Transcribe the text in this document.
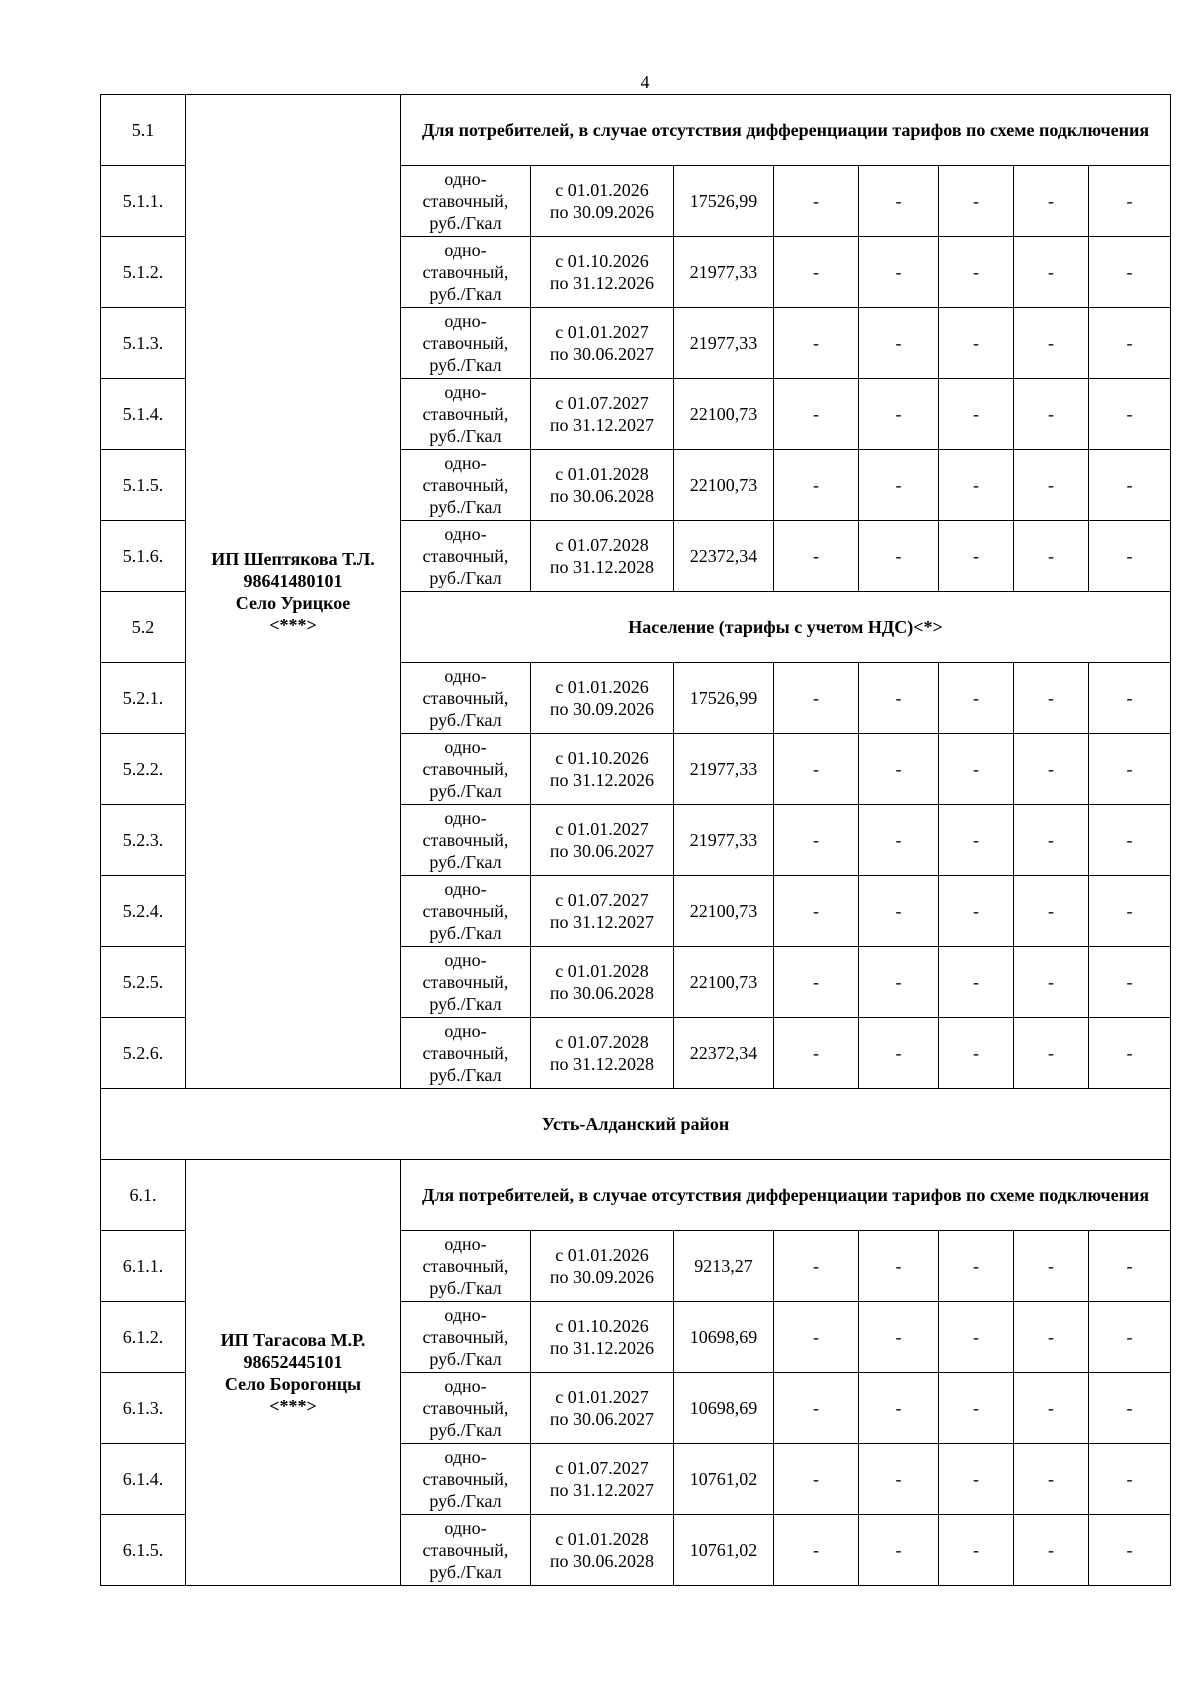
4
5.1	ИП Шептякова Т.Л.
98641480101
Село Урицкое
<***>	Для потребителей, в случае отсутствия дифференциации тарифов по схеме подключения							
5.1.1.		одно-ставочный, руб./Гкал	с 01.01.2026
по 30.09.2026	17526,99	-	-	-	-	-
5.1.2.		одно-ставочный, руб./Гкал	с 01.10.2026
по 31.12.2026	21977,33	-	-	-	-	-
5.1.3.		одно-ставочный, руб./Гкал	с 01.01.2027
по 30.06.2027	21977,33	-	-	-	-	-
5.1.4.		одно-ставочный, руб./Гкал	с 01.07.2027
по 31.12.2027	22100,73	-	-	-	-	-
5.1.5.		одно-ставочный, руб./Гкал	с 01.01.2028
по 30.06.2028	22100,73	-	-	-	-	-
5.1.6.		одно-ставочный, руб./Гкал	с 01.07.2028
по 31.12.2028	22372,34	-	-	-	-	-
5.2		Население (тарифы с учетом НДС)<*>							
5.2.1.		одно-ставочный, руб./Гкал	с 01.01.2026
по 30.09.2026	17526,99	-	-	-	-	-
5.2.2.		одно-ставочный, руб./Гкал	с 01.10.2026
по 31.12.2026	21977,33	-	-	-	-	-
5.2.3.		одно-ставочный, руб./Гкал	с 01.01.2027
по 30.06.2027	21977,33	-	-	-	-	-
5.2.4.		одно-ставочный, руб./Гкал	с 01.07.2027
по 31.12.2027	22100,73	-	-	-	-	-
5.2.5.		одно-ставочный, руб./Гкал	с 01.01.2028
по 30.06.2028	22100,73	-	-	-	-	-
5.2.6.		одно-ставочный, руб./Гкал	с 01.07.2028
по 31.12.2028	22372,34	-	-	-	-	-
Усть-Алданский район									
6.1.	ИП Тагасова М.Р.
98652445101
Село Борогонцы
<***>	Для потребителей, в случае отсутствия дифференциации тарифов по схеме подключения							
6.1.1.		одно-ставочный, руб./Гкал	с 01.01.2026
по 30.09.2026	9213,27	-	-	-	-	-
6.1.2.		одно-ставочный, руб./Гкал	с 01.10.2026
по 31.12.2026	10698,69	-	-	-	-	-
6.1.3.		одно-ставочный, руб./Гкал	с 01.01.2027
по 30.06.2027	10698,69	-	-	-	-	-
6.1.4.		одно-ставочный, руб./Гкал	с 01.07.2027
по 31.12.2027	10761,02	-	-	-	-	-
6.1.5.		одно-ставочный, руб./Гкал	с 01.01.2028
по 30.06.2028	10761,02	-	-	-	-	-
